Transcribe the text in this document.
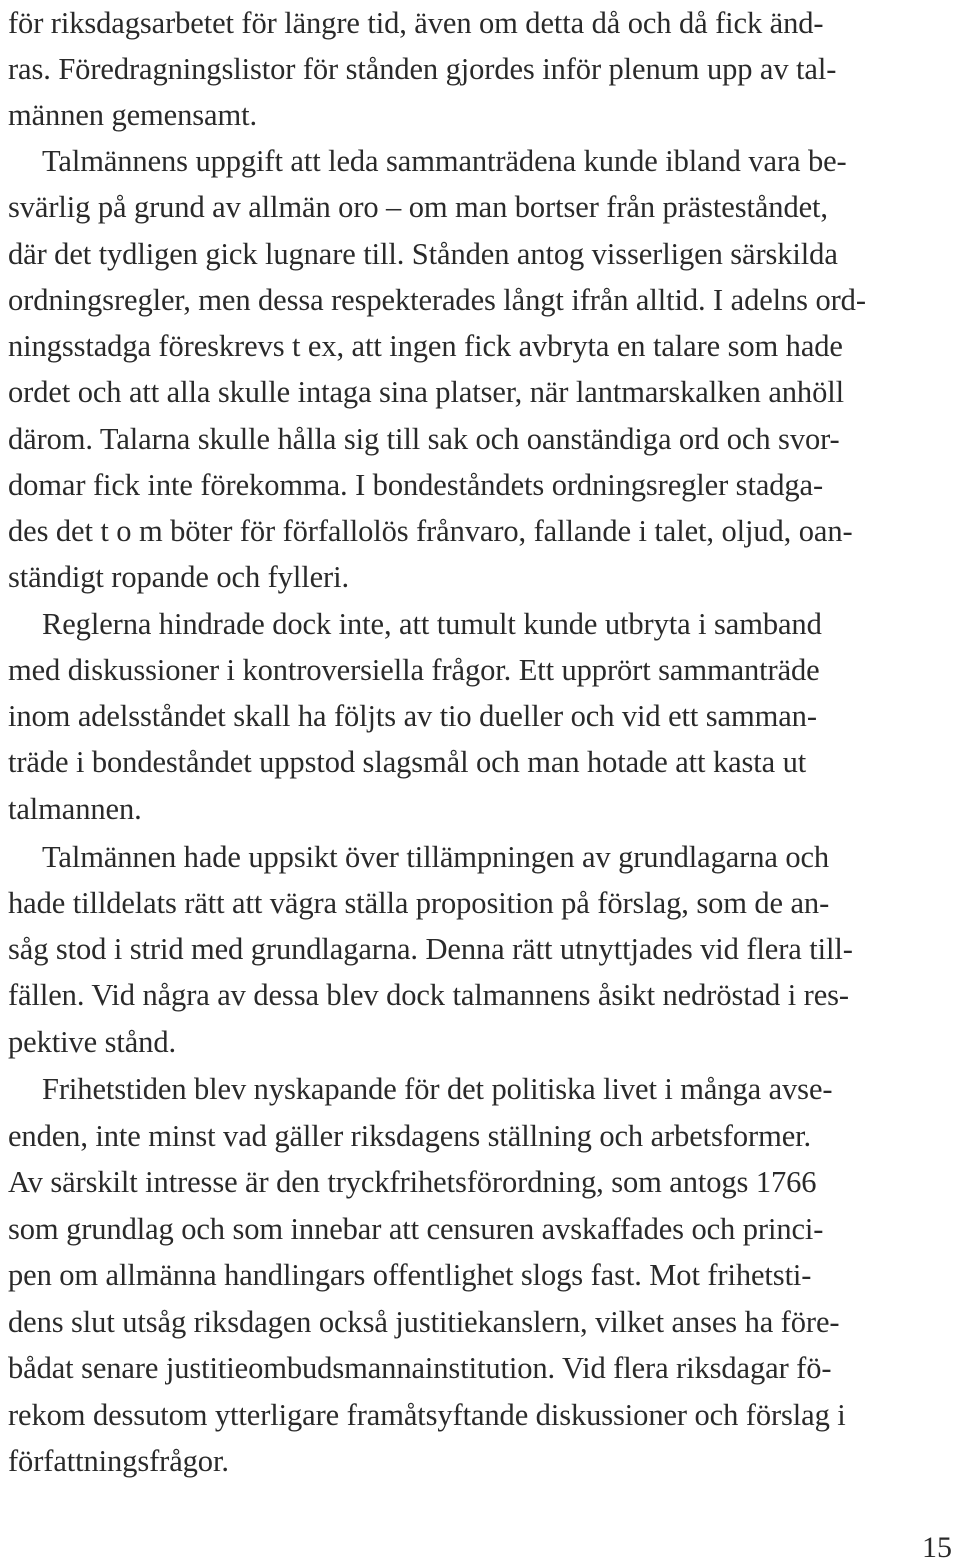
för riksdagsarbetet för längre tid, även om detta då och då fick änd-
ras. Föredragningslistor för stånden gjordes inför plenum upp av tal-
männen gemensamt.
Talmännens uppgift att leda sammanträdena kunde ibland vara be-
svärlig på grund av allmän oro – om man bortser från prästeståndet,
där det tydligen gick lugnare till. Stånden antog visserligen särskilda
ordningsregler, men dessa respekterades långt ifrån alltid. I adelns ord-
ningsstadga föreskrevs t ex, att ingen fick avbryta en talare som hade
ordet och att alla skulle intaga sina platser, när lantmarskalken anhöll
därom. Talarna skulle hålla sig till sak och oanständiga ord och svor-
domar fick inte förekomma. I bondeståndets ordningsregler stadga-
des det t o m böter för förfallolös frånvaro, fallande i talet, oljud, oan-
ständigt ropande och fylleri.
Reglerna hindrade dock inte, att tumult kunde utbryta i samband
med diskussioner i kontroversiella frågor. Ett upprört sammanträde
inom adelsståndet skall ha följts av tio dueller och vid ett samman-
träde i bondeståndet uppstod slagsmål och man hotade att kasta ut
talmannen.
Talmännen hade uppsikt över tillämpningen av grundlagarna och
hade tilldelats rätt att vägra ställa proposition på förslag, som de an-
såg stod i strid med grundlagarna. Denna rätt utnyttjades vid flera till-
fällen. Vid några av dessa blev dock talmannens åsikt nedröstad i res-
pektive stånd.
Frihetstiden blev nyskapande för det politiska livet i många avse-
enden, inte minst vad gäller riksdagens ställning och arbetsformer.
Av särskilt intresse är den tryckfrihetsförordning, som antogs 1766
som grundlag och som innebar att censuren avskaffades och princi-
pen om allmänna handlingars offentlighet slogs fast. Mot frihetsti-
dens slut utsåg riksdagen också justitiekanslern, vilket anses ha före-
bådat senare justitieombudsmannainstitution. Vid flera riksdagar fö-
rekom dessutom ytterligare framåtsyftande diskussioner och förslag i
författningsfrågor.
15
